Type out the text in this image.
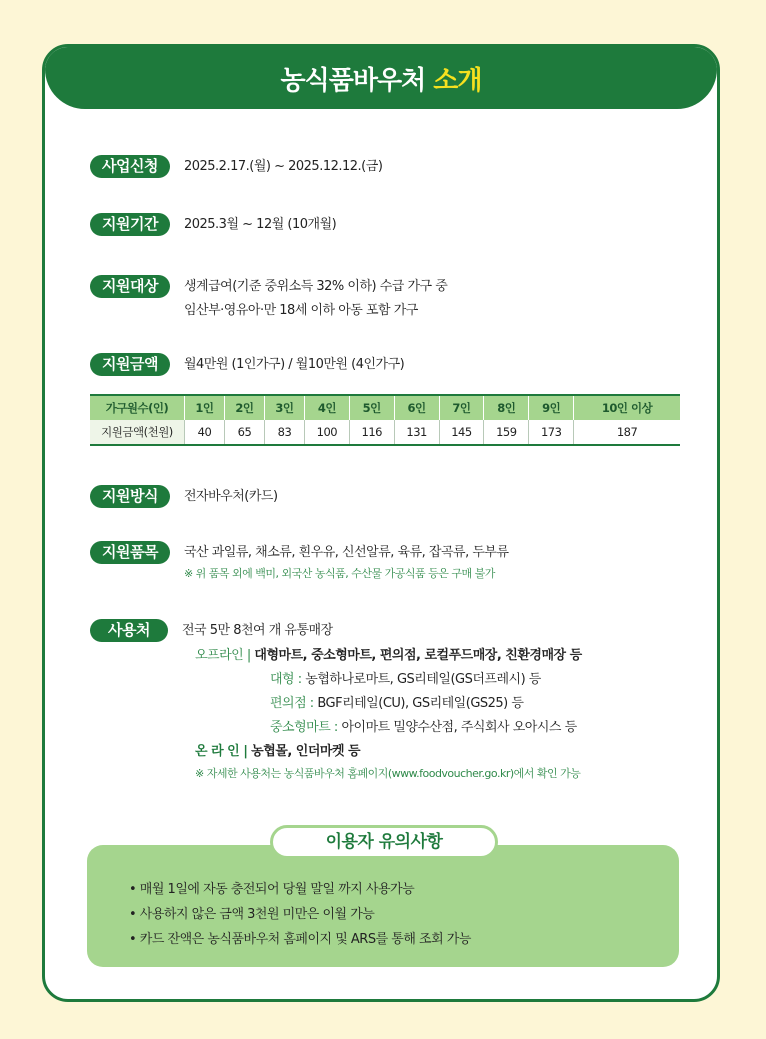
농식품바우처 소개
사업신청	2025.2.17.(월) ~ 2025.12.12.(금)
지원기간	2025.3월 ~ 12월 (10개월)
지원대상	생계급여(기준 중위소득 32% 이하) 수급 가구 중
임산부·영유아·만 18세 이하 아동 포함 가구
지원금액	월4만원 (1인가구) / 월10만원 (4인가구)
가구원수(인)	1인	2인	3인	4인	5인	6인	7인	8인	9인	10인 이상
지원금액(천원)	40	65	83	100	116	131	145	159	173	187
지원방식	전자바우처(카드)
지원품목	국산 과일류, 채소류, 흰우유, 신선알류, 육류, 잡곡류, 두부류
※ 위 품목 외에 백미, 외국산 농식품, 수산물 가공식품 등은 구매 불가
사용처	전국 5만 8천여 개 유통매장
오프라인 | 대형마트, 중소형마트, 편의점, 로컬푸드매장, 친환경매장 등
대형 : 농협하나로마트, GS리테일(GS더프레시) 등
편의점 : BGF리테일(CU), GS리테일(GS25) 등
중소형마트 : 아이마트 밀양수산점, 주식회사 오아시스 등
온 라 인 | 농협몰, 인더마켓 등
※ 자세한 사용처는 농식품바우처 홈페이지(www.foodvoucher.go.kr)에서 확인 가능
이용자 유의사항
• 매월 1일에 자동 충전되어 당월 말일 까지 사용가능
• 사용하지 않은 금액 3천원 미만은 이월 가능
• 카드 잔액은 농식품바우처 홈페이지 및 ARS를 통해 조회 가능
